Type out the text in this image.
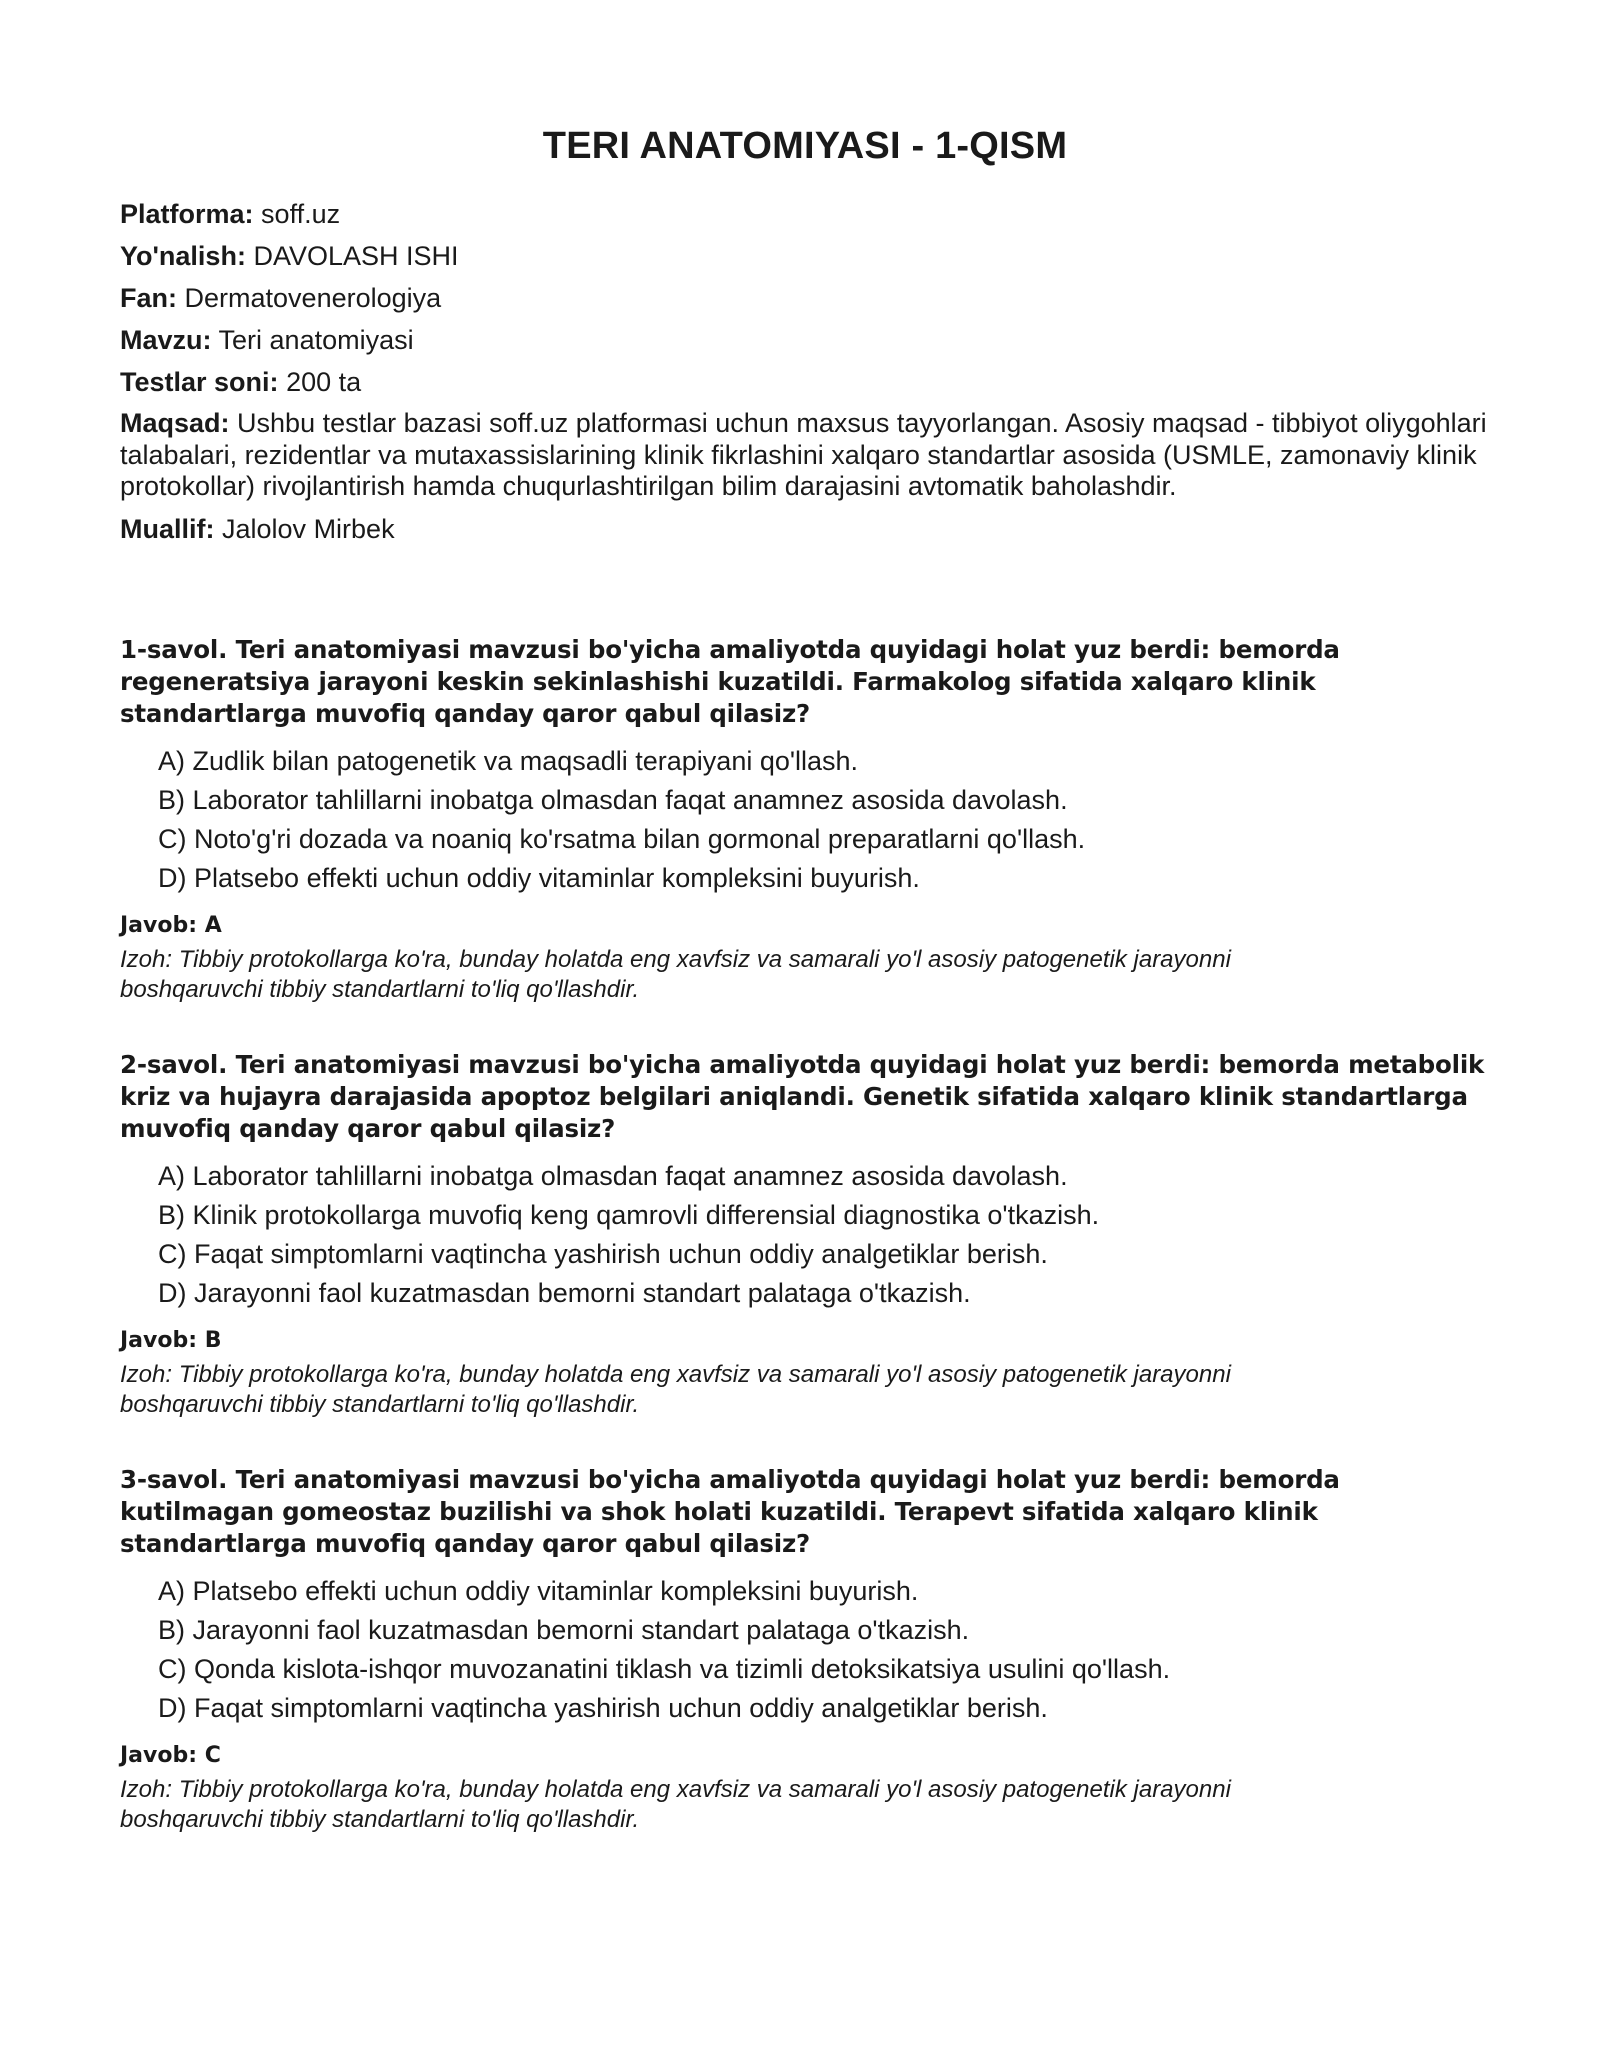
TERI ANATOMIYASI - 1-QISM
Platforma: soff.uz
Yo'nalish: DAVOLASH ISHI
Fan: Dermatovenerologiya
Mavzu: Teri anatomiyasi
Testlar soni: 200 ta
Maqsad: Ushbu testlar bazasi soff.uz platformasi uchun maxsus tayyorlangan. Asosiy maqsad - tibbiyot oliygohlari talabalari, rezidentlar va mutaxassislarining klinik fikrlashini xalqaro standartlar asosida (USMLE, zamonaviy klinik protokollar) rivojlantirish hamda chuqurlashtirilgan bilim darajasini avtomatik baholashdir.
Muallif: Jalolov Mirbek

1-savol. Teri anatomiyasi mavzusi bo'yicha amaliyotda quyidagi holat yuz berdi: bemorda regeneratsiya jarayoni keskin sekinlashishi kuzatildi. Farmakolog sifatida xalqaro klinik standartlarga muvofiq qanday qaror qabul qilasiz?

A) Zudlik bilan patogenetik va maqsadli terapiyani qo'llash.
B) Laborator tahlillarni inobatga olmasdan faqat anamnez asosida davolash.
C) Noto'g'ri dozada va noaniq ko'rsatma bilan gormonal preparatlarni qo'llash.
D) Platsebo effekti uchun oddiy vitaminlar kompleksini buyurish.
Javob: A
Izoh: Tibbiy protokollarga ko'ra, bunday holatda eng xavfsiz va samarali yo'l asosiy patogenetik jarayonni boshqaruvchi tibbiy standartlarni to'liq qo'llashdir.

2-savol. Teri anatomiyasi mavzusi bo'yicha amaliyotda quyidagi holat yuz berdi: bemorda metabolik kriz va hujayra darajasida apoptoz belgilari aniqlandi. Genetik sifatida xalqaro klinik standartlarga muvofiq qanday qaror qabul qilasiz?

A) Laborator tahlillarni inobatga olmasdan faqat anamnez asosida davolash.
B) Klinik protokollarga muvofiq keng qamrovli differensial diagnostika o'tkazish.
C) Faqat simptomlarni vaqtincha yashirish uchun oddiy analgetiklar berish.
D) Jarayonni faol kuzatmasdan bemorni standart palataga o'tkazish.
Javob: B
Izoh: Tibbiy protokollarga ko'ra, bunday holatda eng xavfsiz va samarali yo'l asosiy patogenetik jarayonni boshqaruvchi tibbiy standartlarni to'liq qo'llashdir.

3-savol. Teri anatomiyasi mavzusi bo'yicha amaliyotda quyidagi holat yuz berdi: bemorda kutilmagan gomeostaz buzilishi va shok holati kuzatildi. Terapevt sifatida xalqaro klinik standartlarga muvofiq qanday qaror qabul qilasiz?

A) Platsebo effekti uchun oddiy vitaminlar kompleksini buyurish.
B) Jarayonni faol kuzatmasdan bemorni standart palataga o'tkazish.
C) Qonda kislota-ishqor muvozanatini tiklash va tizimli detoksikatsiya usulini qo'llash.
D) Faqat simptomlarni vaqtincha yashirish uchun oddiy analgetiklar berish.
Javob: C
Izoh: Tibbiy protokollarga ko'ra, bunday holatda eng xavfsiz va samarali yo'l asosiy patogenetik jarayonni boshqaruvchi tibbiy standartlarni to'liq qo'llashdir.
